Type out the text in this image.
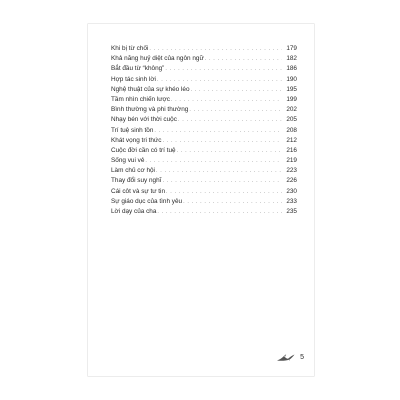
Khi bị từ chối . . .	179
Khả năng huỷ diệt của ngôn ngữ . . .	182
Bắt đầu từ “không” . . .	186
Hợp tác sinh lời . . .	190
Nghệ thuật của sự khéo léo . . .	195
Tầm nhìn chiến lược . . .	199
Bình thường và phi thường . . .	202
Nhạy bén với thời cuộc . . .	205
Trí tuệ sinh tồn . . .	208
Khát vọng tri thức . . .	212
Cuộc đời cần có trí tuệ . . .	216
Sống vui vẻ . . .	219
Làm chủ cơ hội . . .	223
Thay đổi suy nghĩ . . .	226
Cái côt và sự tư tin . . .	230
Sự giáo dục của tình yêu . . .	233
Lời dạy của cha . . .	235
5
